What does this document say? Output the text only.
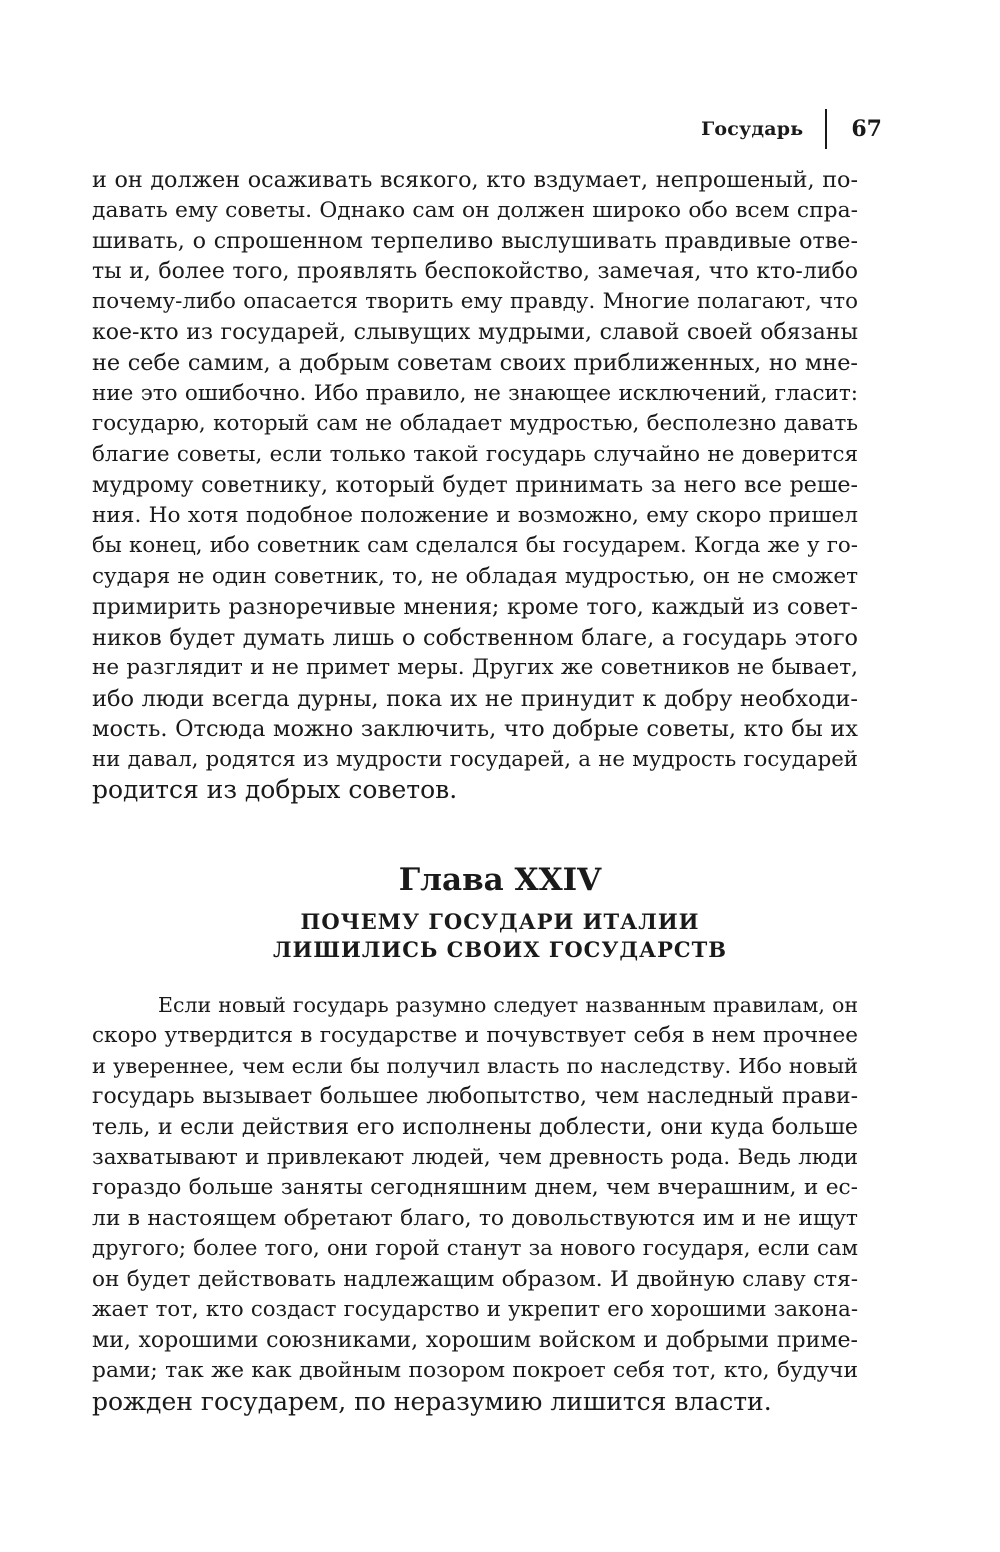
Государь 67
и он должен осаживать всякого, кто вздумает, непрошеный, по-
давать ему советы. Однако сам он должен широко обо всем спра-
шивать, о спрошенном терпеливо выслушивать правдивые отве-
ты и, более того, проявлять беспокойство, замечая, что кто-либо
почему-либо опасается творить ему правду. Многие полагают, что
кое-кто из государей, слывущих мудрыми, славой своей обязаны
не себе самим, а добрым советам своих приближенных, но мне-
ние это ошибочно. Ибо правило, не знающее исключений, гласит:
государю, который сам не обладает мудростью, бесполезно давать
благие советы, если только такой государь случайно не доверится
мудрому советнику, который будет принимать за него все реше-
ния. Но хотя подобное положение и возможно, ему скоро пришел
бы конец, ибо советник сам сделался бы государем. Когда же у го-
сударя не один советник, то, не обладая мудростью, он не сможет
примирить разноречивые мнения; кроме того, каждый из совет-
ников будет думать лишь о собственном благе, а государь этого
не разглядит и не примет меры. Других же советников не бывает,
ибо люди всегда дурны, пока их не принудит к добру необходи-
мость. Отсюда можно заключить, что добрые советы, кто бы их
ни давал, родятся из мудрости государей, а не мудрость государей
родится из добрых советов.
Глава XXIV
ПОЧЕМУ ГОСУДАРИ ИТАЛИИ
ЛИШИЛИСЬ СВОИХ ГОСУДАРСТВ
Если новый государь разумно следует названным правилам, он
скоро утвердится в государстве и почувствует себя в нем прочнее
и увереннее, чем если бы получил власть по наследству. Ибо новый
государь вызывает большее любопытство, чем наследный прави-
тель, и если действия его исполнены доблести, они куда больше
захватывают и привлекают людей, чем древность рода. Ведь люди
гораздо больше заняты сегодняшним днем, чем вчерашним, и ес-
ли в настоящем обретают благо, то довольствуются им и не ищут
другого; более того, они горой станут за нового государя, если сам
он будет действовать надлежащим образом. И двойную славу стя-
жает тот, кто создаст государство и укрепит его хорошими закона-
ми, хорошими союзниками, хорошим войском и добрыми приме-
рами; так же как двойным позором покроет себя тот, кто, будучи
рожден государем, по неразумию лишится власти.
